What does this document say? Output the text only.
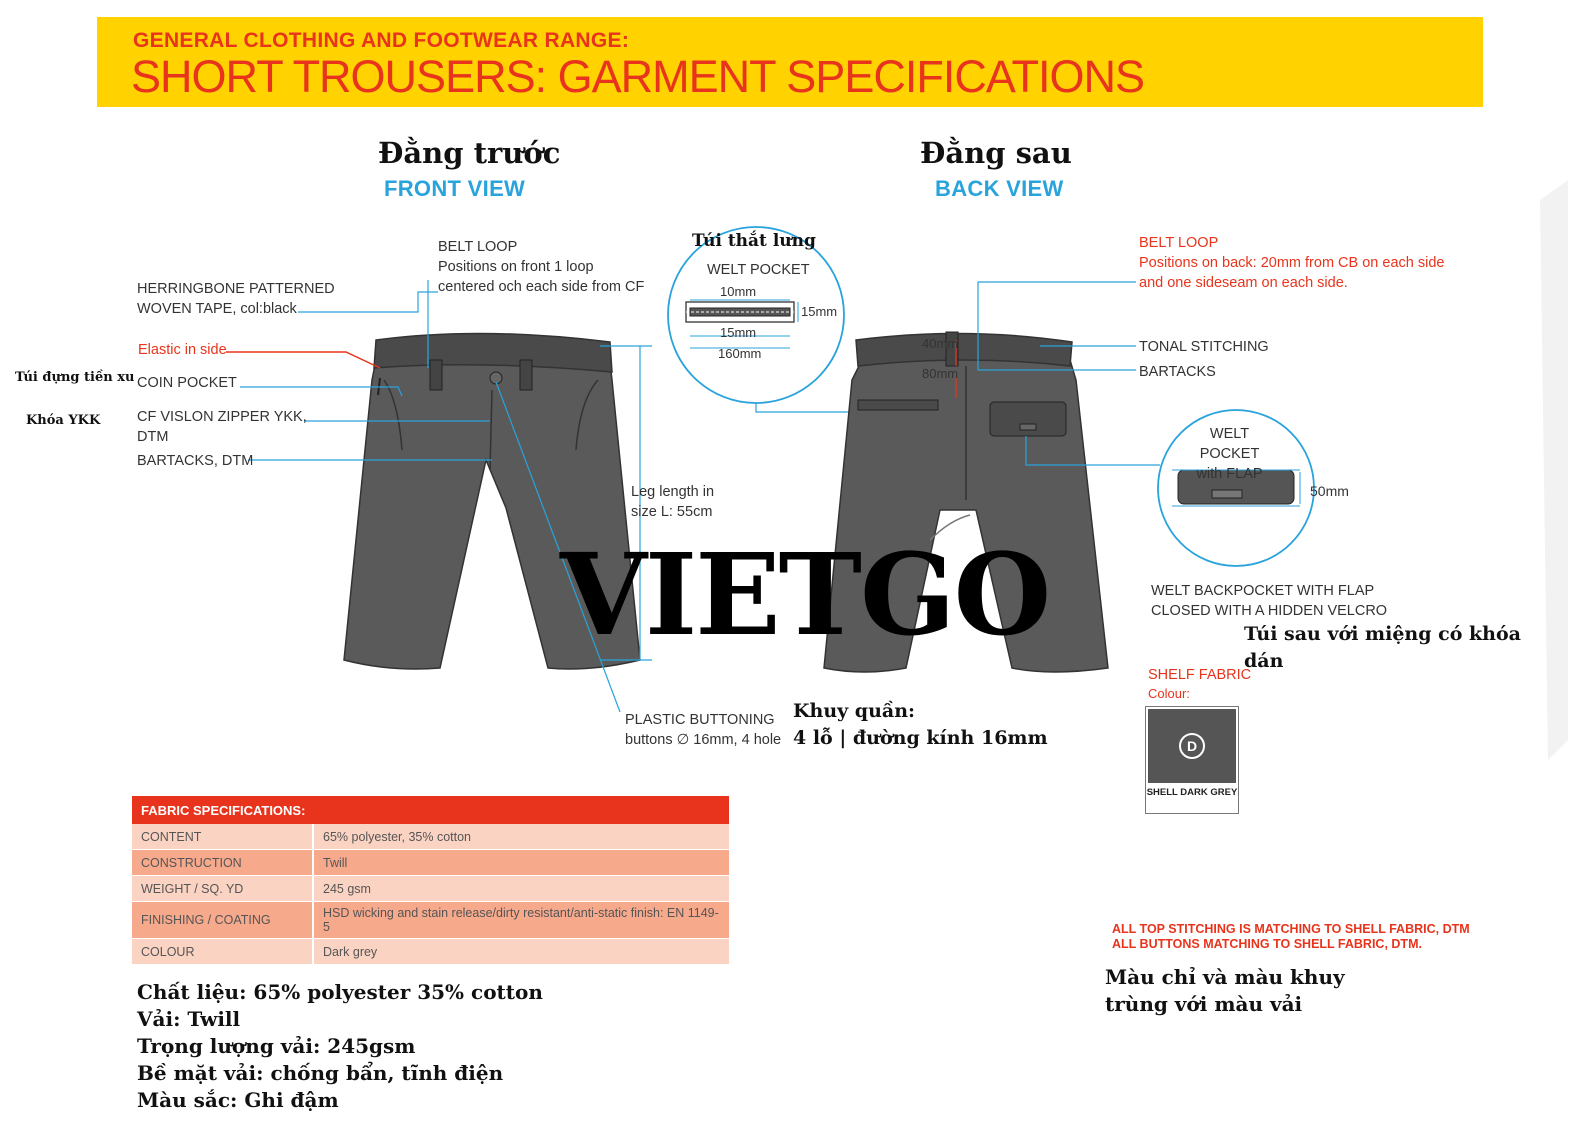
GENERAL CLOTHING AND FOOTWEAR RANGE:
SHORT TROUSERS: GARMENT SPECIFICATIONS
Đằng trước
FRONT VIEW
Đằng sau
BACK VIEW
BELT LOOP
Positions on front 1 loop
centered och each side from CF
HERRINGBONE PATTERNED
WOVEN TAPE, col:black
Elastic in side
Túi đựng tiền xu COIN POCKET
Khóa YKK	CF VISLON ZIPPER YKK,
DTM
BARTACKS, DTM
Leg length in
size L: 55cm
PLASTIC BUTTONING
buttons ∅ 16mm, 4 hole
Khuy quần:
4 lỗ | đường kính 16mm
Túi thắt lưng
WELT POCKET
10mm
15mm
15mm
160mm
BELT LOOP
Positions on back: 20mm from CB on each side
and one sideseam on each side.
TONAL STITCHING
BARTACKS
40mm
80mm
WELT POCKET
with FLAP
50mm
WELT BACKPOCKET WITH FLAP
CLOSED WITH A HIDDEN VELCRO
Túi sau với miệng có khóa
dán
SHELF FABRIC
Colour:
D
SHELL DARK GREY
VIETGO
FABRIC SPECIFICATIONS:	
CONTENT	65% polyester, 35% cotton
CONSTRUCTION	Twill
WEIGHT / SQ. YD	245 gsm
FINISHING / COATING	HSD wicking and stain release/dirty resistant/anti-static finish: EN 1149-5
COLOUR	Dark grey
Chất liệu: 65% polyester 35% cotton
Vải: Twill
Trọng lượng vải: 245gsm
Bề mặt vải: chống bẩn, tĩnh điện
Màu sắc: Ghi đậm
ALL TOP STITCHING IS MATCHING TO SHELL FABRIC, DTM
ALL BUTTONS MATCHING TO SHELL FABRIC, DTM.
Màu chỉ và màu khuy
trùng với màu vải
